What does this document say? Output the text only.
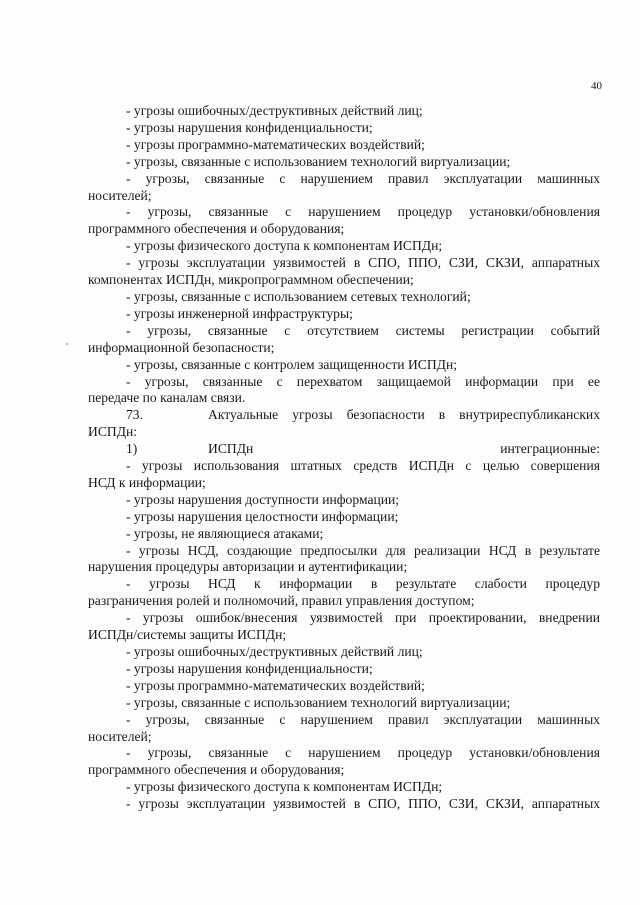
40
- угрозы ошибочных/деструктивных действий лиц;
- угрозы нарушения конфиденциальности;
- угрозы программно-математических воздействий;
- угрозы, связанные с использованием технологий виртуализации;
- угрозы, связанные с нарушением правил эксплуатации машинных
носителей;
- угрозы, связанные с нарушением процедур установки/обновления
программного обеспечения и оборудования;
- угрозы физического доступа к компонентам ИСПДн;
- угрозы эксплуатации уязвимостей в СПО, ППО, СЗИ, СКЗИ, аппаратных
компонентах ИСПДн, микропрограммном обеспечении;
- угрозы, связанные с использованием сетевых технологий;
- угрозы инженерной инфраструктуры;
- угрозы, связанные с отсутствием системы регистрации событий
информационной безопасности;
- угрозы, связанные с контролем защищенности ИСПДн;
- угрозы, связанные с перехватом защищаемой информации при ее
передаче по каналам связи.
73.	Актуальные угрозы безопасности в внутриреспубликанских
ИСПДн:
1)	ИСПДн интеграционные:
- угрозы использования штатных средств ИСПДн с целью совершения
НСД к информации;
- угрозы нарушения доступности информации;
- угрозы нарушения целостности информации;
- угрозы, не являющиеся атаками;
- угрозы НСД, создающие предпосылки для реализации НСД в результате
нарушения процедуры авторизации и аутентификации;
- угрозы НСД к информации в результате слабости процедур
разграничения ролей и полномочий, правил управления доступом;
- угрозы ошибок/внесения уязвимостей при проектировании, внедрении
ИСПДн/системы защиты ИСПДн;
- угрозы ошибочных/деструктивных действий лиц;
- угрозы нарушения конфиденциальности;
- угрозы программно-математических воздействий;
- угрозы, связанные с использованием технологий виртуализации;
- угрозы, связанные с нарушением правил эксплуатации машинных
носителей;
- угрозы, связанные с нарушением процедур установки/обновления
программного обеспечения и оборудования;
- угрозы физического доступа к компонентам ИСПДн;
- угрозы эксплуатации уязвимостей в СПО, ППО, СЗИ, СКЗИ, аппаратных
